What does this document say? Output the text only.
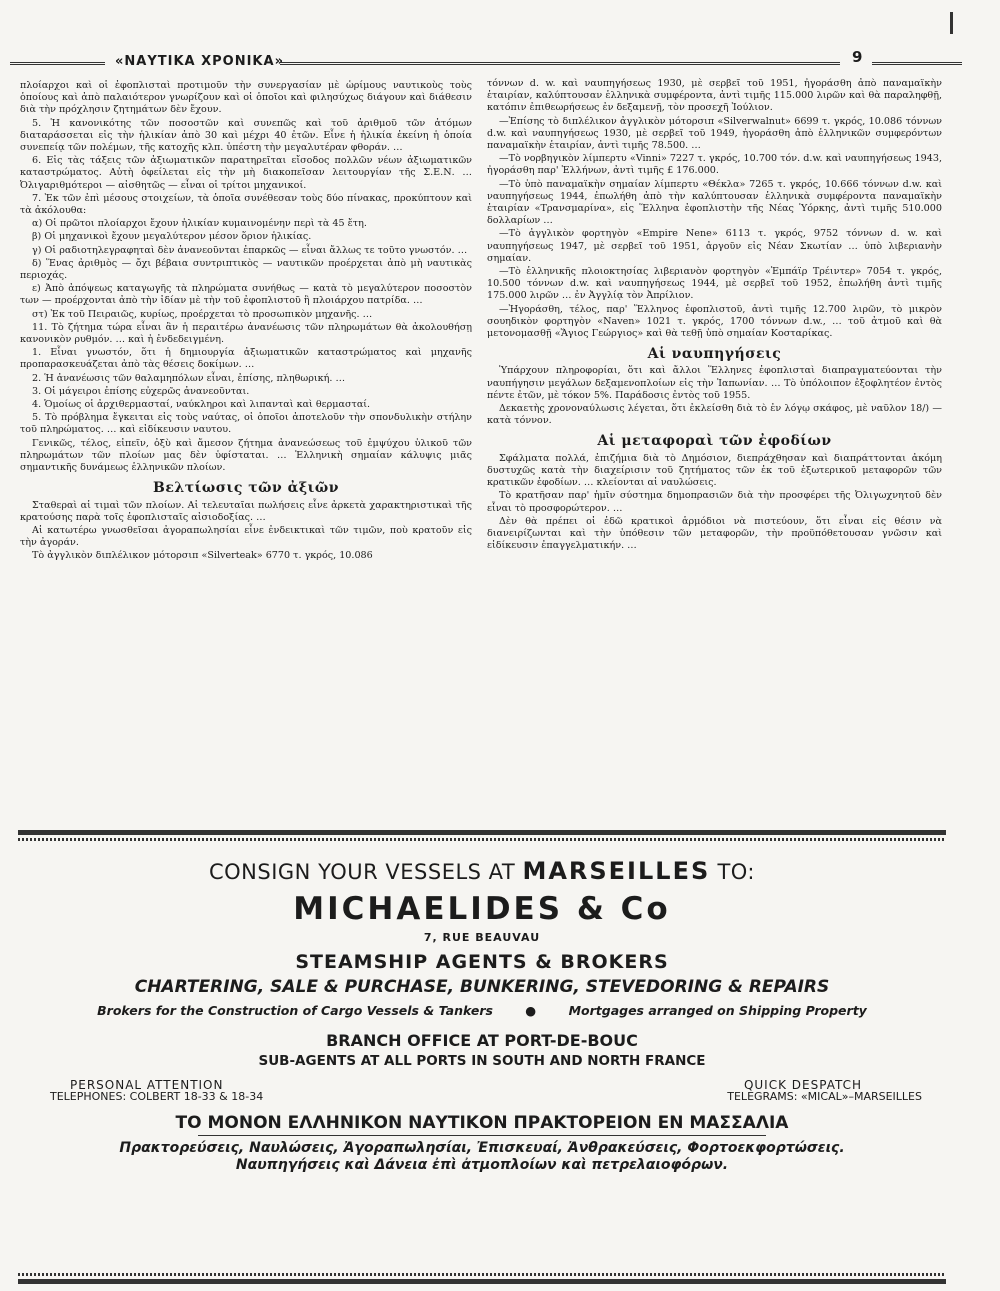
«ΝΑΥΤΙΚΑ ΧΡΟΝΙΚΑ»	9

πλοίαρχοι καὶ οἱ ἐφοπλισταὶ προτιμοῦν τὴν συνεργασίαν μὲ ὡρίμους ναυτικοὺς τοὺς ὁποίους καὶ ἀπὸ παλαιότερον γνωρίζουν καὶ οἱ ὁποῖοι καὶ φιλησύχως διάγουν καὶ διάθεσιν διὰ τὴν πρόχλησιν ζητημάτων δὲν ἔχουν.

5. Ἡ κανονικότης τῶν ποσοστῶν καὶ συνεπῶς καὶ τοῦ ἀριθμοῦ τῶν ἀτόμων διαταράσσεται εἰς τὴν ἡλικίαν ἀπὸ 30 καὶ μέχρι 40 ἐτῶν. Εἶνε ἡ ἡλικία ἐκείνη ἡ ὁποία συνεπείᾳ τῶν πολέμων, τῆς κατοχῆς κλπ. ὑπέστη τὴν μεγαλυτέραν φθοράν. …

6. Εἰς τὰς τάξεις τῶν ἀξιωματικῶν παρατηρεῖται εἴσοδος πολλῶν νέων ἀξιωματικῶν καταστρώματος. Αὐτὴ ὀφείλεται εἰς τὴν μὴ διακοπεῖσαν λειτουργίαν τῆς Σ.Ε.Ν. … Ὀλιγαριθμότεροι — αἰσθητῶς — εἶναι οἱ τρίτοι μηχανικοί.

7. Ἐκ τῶν ἐπὶ μέσους στοιχείων, τὰ ὁποῖα συνέθεσαν τοὺς δύο πίνακας, προκύπτουν καὶ τὰ ἀκόλουθα:

α) Οἱ πρῶτοι πλοίαρχοι ἔχουν ἡλικίαν κυμαινομένην περὶ τὰ 45 ἔτη.

β) Οἱ μηχανικοὶ ἔχουν μεγαλύτερον μέσον ὅριον ἡλικίας.

γ) Οἱ ραδιοτηλεγραφηταὶ δὲν ἀνανεοῦνται ἐπαρκῶς — εἶναι ἄλλως τε τοῦτο γνωστόν. …

δ) Ἕνας ἀριθμὸς — ὄχι βέβαια συντριπτικὸς — ναυτικῶν προέρχεται ἀπὸ μὴ ναυτικὰς περιοχάς.

ε) Ἀπὸ ἀπόψεως καταγωγῆς τὰ πληρώματα συνήθως — κατὰ τὸ μεγαλύτερον ποσοστὸν των — προέρχονται ἀπὸ τὴν ἰδίαν μὲ τὴν τοῦ ἐφοπλιστοῦ ἢ πλοιάρχου πατρίδα. …

στ) Ἐκ τοῦ Πειραιῶς, κυρίως, προέρχεται τὸ προσωπικὸν μηχανῆς. …

11. Τὸ ζήτημα τώρα εἶναι ἂν ἡ περαιτέρω ἀνανέωσις τῶν πληρωμάτων θὰ ἀκολουθήσῃ κανονικὸν ρυθμόν. … καὶ ἡ ἐνδεδειγμένη.

1. Εἶναι γνωστόν, ὅτι ἡ δημιουργία ἀξιωματικῶν καταστρώματος καὶ μηχανῆς προπαρασκευάζεται ἀπὸ τὰς θέσεις δοκίμων. …

2. Ἡ ἀνανέωσις τῶν θαλαμηπόλων εἶναι, ἐπίσης, πληθωρική. …

3. Οἱ μάγειροι ἐπίσης εὐχερῶς ἀνανεοῦνται.

4. Ὁμοίως οἱ ἀρχιθερμασταί, ναύκληροι καὶ λιπανταὶ καὶ θερμασταί.

5. Τὸ πρόβλημα ἔγκειται εἰς τοὺς ναύτας, οἱ ὁποῖοι ἀποτελοῦν τὴν σπονδυλικὴν στήλην τοῦ πληρώματος. … καὶ εἰδίκευσιν ναυτου.

Γενικῶς, τέλος, εἰπεῖν, ὀξὺ καὶ ἄμεσον ζήτημα ἀνανεώσεως τοῦ ἐμψύχου ὑλικοῦ τῶν πληρωμάτων τῶν πλοίων μας δὲν ὑφίσταται. … Ἑλληνικὴ σημαίαν κάλυψις μιᾶς σημαντικῆς δυνάμεως ἑλληνικῶν πλοίων.

Βελτίωσις τῶν ἀξιῶν

Σταθεραὶ αἱ τιμαὶ τῶν πλοίων. Αἱ τελευταῖαι πωλήσεις εἶνε ἀρκετὰ χαρακτηριστικαὶ τῆς κρατούσης παρὰ τοῖς ἐφοπλισταῖς αἰσιοδοξίας. …

Αἱ κατωτέρω γνωσθεῖσαι ἀγοραπωλησίαι εἶνε ἐνδεικτικαὶ τῶν τιμῶν, ποὺ κρατοῦν εἰς τὴν ἀγοράν.

Τὸ ἀγγλικὸν διπλέλικον μότορσιπ «Silverteak» 6770 τ. γκρός, 10.086

τόννων d. w. καὶ ναυπηγήσεως 1930, μὲ σερβεῖ τοῦ 1951, ἠγοράσθη ἀπὸ παναμαϊκὴν ἑταιρίαν, καλύπτουσαν ἑλληνικὰ συμφέροντα, ἀντὶ τιμῆς 115.000 λιρῶν καὶ θὰ παραληφθῇ, κατόπιν ἐπιθεωρήσεως ἐν δεξαμενῇ, τὸν προσεχῆ Ἰούλιον.

—Ἐπίσης τὸ διπλέλικον ἀγγλικὸν μότορσιπ «Silverwalnut» 6699 τ. γκρός, 10.086 τόννων d.w. καὶ ναυπηγήσεως 1930, μὲ σερβεῖ τοῦ 1949, ἠγοράσθη ἀπὸ ἑλληνικῶν συμφερόντων παναμαϊκὴν ἑταιρίαν, ἀντὶ τιμῆς 78.500. …

—Τὸ νορβηγικὸν λίμπερτυ «Vinni» 7227 τ. γκρός, 10.700 τόν. d.w. καὶ ναυπηγήσεως 1943, ἠγοράσθη παρ' Ἑλλήνων, ἀντὶ τιμῆς £ 176.000.

—Τὸ ὑπὸ παναμαϊκὴν σημαίαν λίμπερτυ «Θέκλα» 7265 τ. γκρός, 10.666 τόννων d.w. καὶ ναυπηγήσεως 1944, ἐπωλήθη ἀπὸ τὴν καλύπτουσαν ἑλληνικὰ συμφέροντα παναμαϊκὴν ἑταιρίαν «Τρανσμαρίνα», εἰς Ἕλληνα ἐφοπλιστὴν τῆς Νέας Ὑόρκης, ἀντὶ τιμῆς 510.000 δολλαρίων …

—Τὸ ἀγγλικὸν φορτηγὸν «Empire Nene» 6113 τ. γκρός, 9752 τόννων d. w. καὶ ναυπηγήσεως 1947, μὲ σερβεῖ τοῦ 1951, ἀργοῦν εἰς Νέαν Σκωτίαν … ὑπὸ λιβεριανὴν σημαίαν.

—Τὸ ἑλληνικῆς πλοιοκτησίας λιβεριανὸν φορτηγὸν «Ἐμπάϊρ Τρέιντερ» 7054 τ. γκρός, 10.500 τόννων d.w. καὶ ναυπηγήσεως 1944, μὲ σερβεῖ τοῦ 1952, ἐπωλήθη ἀντὶ τιμῆς 175.000 λιρῶν … ἐν Ἀγγλίᾳ τὸν Ἀπρίλιον.

—Ἠγοράσθη, τέλος, παρ' Ἕλληνος ἐφοπλιστοῦ, ἀντὶ τιμῆς 12.700 λιρῶν, τὸ μικρὸν σουηδικὸν φορτηγὸν «Naven» 1021 τ. γκρός, 1700 τόννων d.w., … τοῦ ἀτμοῦ καὶ θὰ μετονομασθῇ «Ἅγιος Γεώργιος» καὶ θὰ τεθῇ ὑπὸ σημαίαν Κοσταρίκας.

Αἱ ναυπηγήσεις

Ὑπάρχουν πληροφορίαι, ὅτι καὶ ἄλλοι Ἕλληνες ἐφοπλισταὶ διαπραγματεύονται τὴν ναυπήγησιν μεγάλων δεξαμενοπλοίων εἰς τὴν Ἰαπωνίαν. … Τὸ ὑπόλοιπον ἐξοφλητέον ἐντὸς πέντε ἐτῶν, μὲ τόκον 5%. Παράδοσις ἐντὸς τοῦ 1955.

Δεκαετὴς χρονοναύλωσις λέγεται, ὅτι ἐκλείσθη διὰ τὸ ἐν λόγῳ σκάφος, μὲ ναῦλον 18/) — κατὰ τόννον.

Αἱ μεταφοραὶ τῶν ἐφοδίων

Σφάλματα πολλά, ἐπιζήμια διὰ τὸ Δημόσιον, διεπράχθησαν καὶ διαπράττονται ἀκόμη δυστυχῶς κατὰ τὴν διαχείρισιν τοῦ ζητήματος τῶν ἐκ τοῦ ἐξωτερικοῦ μεταφορῶν τῶν κρατικῶν ἐφοδίων. … κλείονται αἱ ναυλώσεις.

Τὸ κρατῆσαν παρ' ἡμῖν σύστημα δημοπρασιῶν διὰ τὴν προσφέρει τῆς Ὀλιγωχνητοῦ δὲν εἶναι τὸ προσφορώτερον. …

Δὲν θὰ πρέπει οἱ ἐδῶ κρατικοὶ ἁρμόδιοι νὰ πιστεύουν, ὅτι εἶναι εἰς θέσιν νὰ διανειρίζωνται καὶ τὴν ὑπόθεσιν τῶν μεταφορῶν, τὴν προϋπόθετουσαν γνῶσιν καὶ εἰδίκευσιν ἐπαγγελματικήν. …

CONSIGN YOUR VESSELS AT MARSEILLES TO:
MICHAELIDES & Co
7, RUE BEAUVAU
STEAMSHIP AGENTS & BROKERS
CHARTERING, SALE & PURCHASE, BUNKERING, STEVEDORING & REPAIRS
Brokers for the Construction of Cargo Vessels & Tankers	●	Mortgages arranged on Shipping Property
BRANCH OFFICE AT PORT-DE-BOUC
SUB-AGENTS AT ALL PORTS IN SOUTH AND NORTH FRANCE
PERSONAL ATTENTION
TELEPHONES: COLBERT 18-33 & 18-34
QUICK DESPATCH
TELEGRAMS: «MICAL»–MARSEILLES
ΤΟ ΜΟΝΟΝ ΕΛΛΗΝΙΚΟΝ ΝΑΥΤΙΚΟΝ ΠΡΑΚΤΟΡΕΙΟΝ ΕΝ ΜΑΣΣΑΛΙΑ
Πρακτορεύσεις, Ναυλώσεις, Ἀγοραπωλησίαι, Ἐπισκευαί, Ἀνθρακεύσεις, Φορτοεκφορτώσεις.
Ναυπηγήσεις καὶ Δάνεια ἐπὶ ἀτμοπλοίων καὶ πετρελαιοφόρων.
